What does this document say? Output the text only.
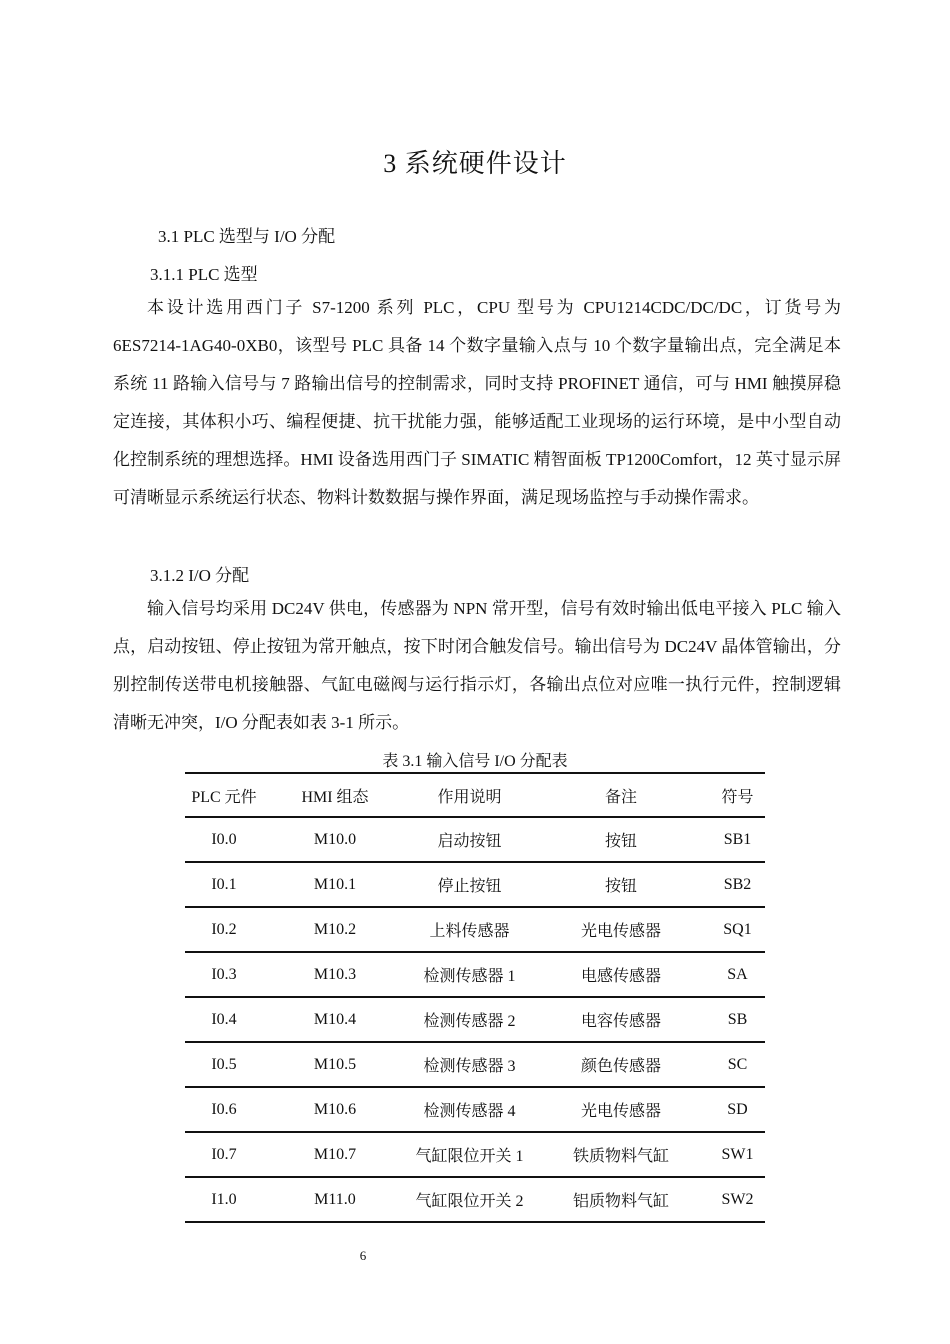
3 系统硬件设计
3.1 PLC 选型与 I/O 分配
3.1.1 PLC 选型

本设计选用西门子 S7-1200 系列 PLC，CPU 型号为 CPU1214CDC/DC/DC，订货号为 6ES7214-1AG40-0XB0，该型号 PLC 具备 14 个数字量输入点与 10 个数字量输出点，完全满足本系统 11 路输入信号与 7 路输出信号的控制需求，同时支持 PROFINET 通信，可与 HMI 触摸屏稳定连接，其体积小巧、编程便捷、抗干扰能力强，能够适配工业现场的运行环境，是中小型自动化控制系统的理想选择。HMI 设备选用西门子 SIMATIC 精智面板 TP1200Comfort，12 英寸显示屏可清晰显示系统运行状态、物料计数数据与操作界面，满足现场监控与手动操作需求。

3.1.2 I/O 分配

输入信号均采用 DC24V 供电，传感器为 NPN 常开型，信号有效时输出低电平接入 PLC 输入点，启动按钮、停止按钮为常开触点，按下时闭合触发信号。输出信号为 DC24V 晶体管输出，分别控制传送带电机接触器、气缸电磁阀与运行指示灯，各输出点位对应唯一执行元件，控制逻辑清晰无冲突，I/O 分配表如表 3-1 所示。

表 3.1 输入信号 I/O 分配表
PLC 元件	HMI 组态	作用说明	备注	符号
I0.0	M10.0	启动按钮	按钮	SB1
I0.1	M10.1	停止按钮	按钮	SB2
I0.2	M10.2	上料传感器	光电传感器	SQ1
I0.3	M10.3	检测传感器 1	电感传感器	SA
I0.4	M10.4	检测传感器 2	电容传感器	SB
I0.5	M10.5	检测传感器 3	颜色传感器	SC
I0.6	M10.6	检测传感器 4	光电传感器	SD
I0.7	M10.7	气缸限位开关 1	铁质物料气缸	SW1
I1.0	M11.0	气缸限位开关 2	铝质物料气缸	SW2
6
